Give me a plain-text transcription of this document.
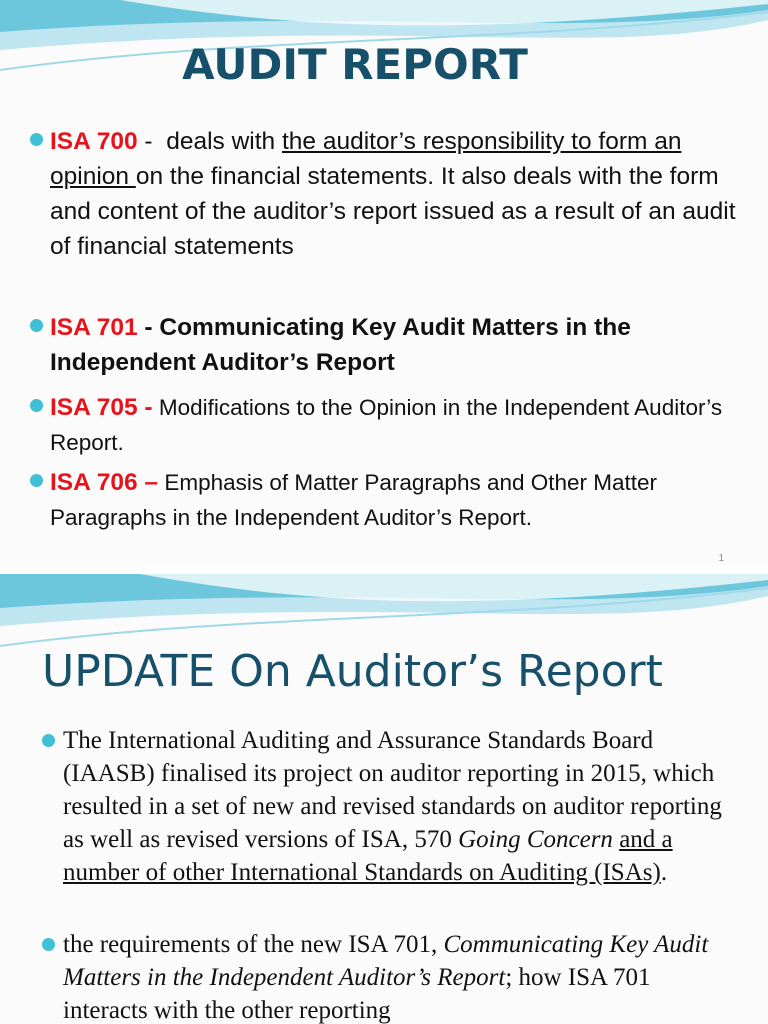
AUDIT REPORT
ISA 700 -  deals with the auditor’s responsibility to form an opinion on the financial statements. It also deals with the form and content of the auditor’s report issued as a result of an audit of financial statements
ISA 701 - Communicating Key Audit Matters in the Independent Auditor’s Report
ISA 705 - Modifications to the Opinion in the Independent Auditor’s Report.
ISA 706 – Emphasis of Matter Paragraphs and Other Matter Paragraphs in the Independent Auditor’s Report.
1
UPDATE On Auditor’s Report
The International Auditing and Assurance Standards Board (IAASB) finalised its project on auditor reporting in 2015, which resulted in a set of new and revised standards on auditor reporting as well as revised versions of ISA, 570 Going Concern and a number of other International Standards on Auditing (ISAs).
the requirements of the new ISA 701, Communicating Key Audit Matters in the Independent Auditor’s Report; how ISA 701 interacts with the other reporting
